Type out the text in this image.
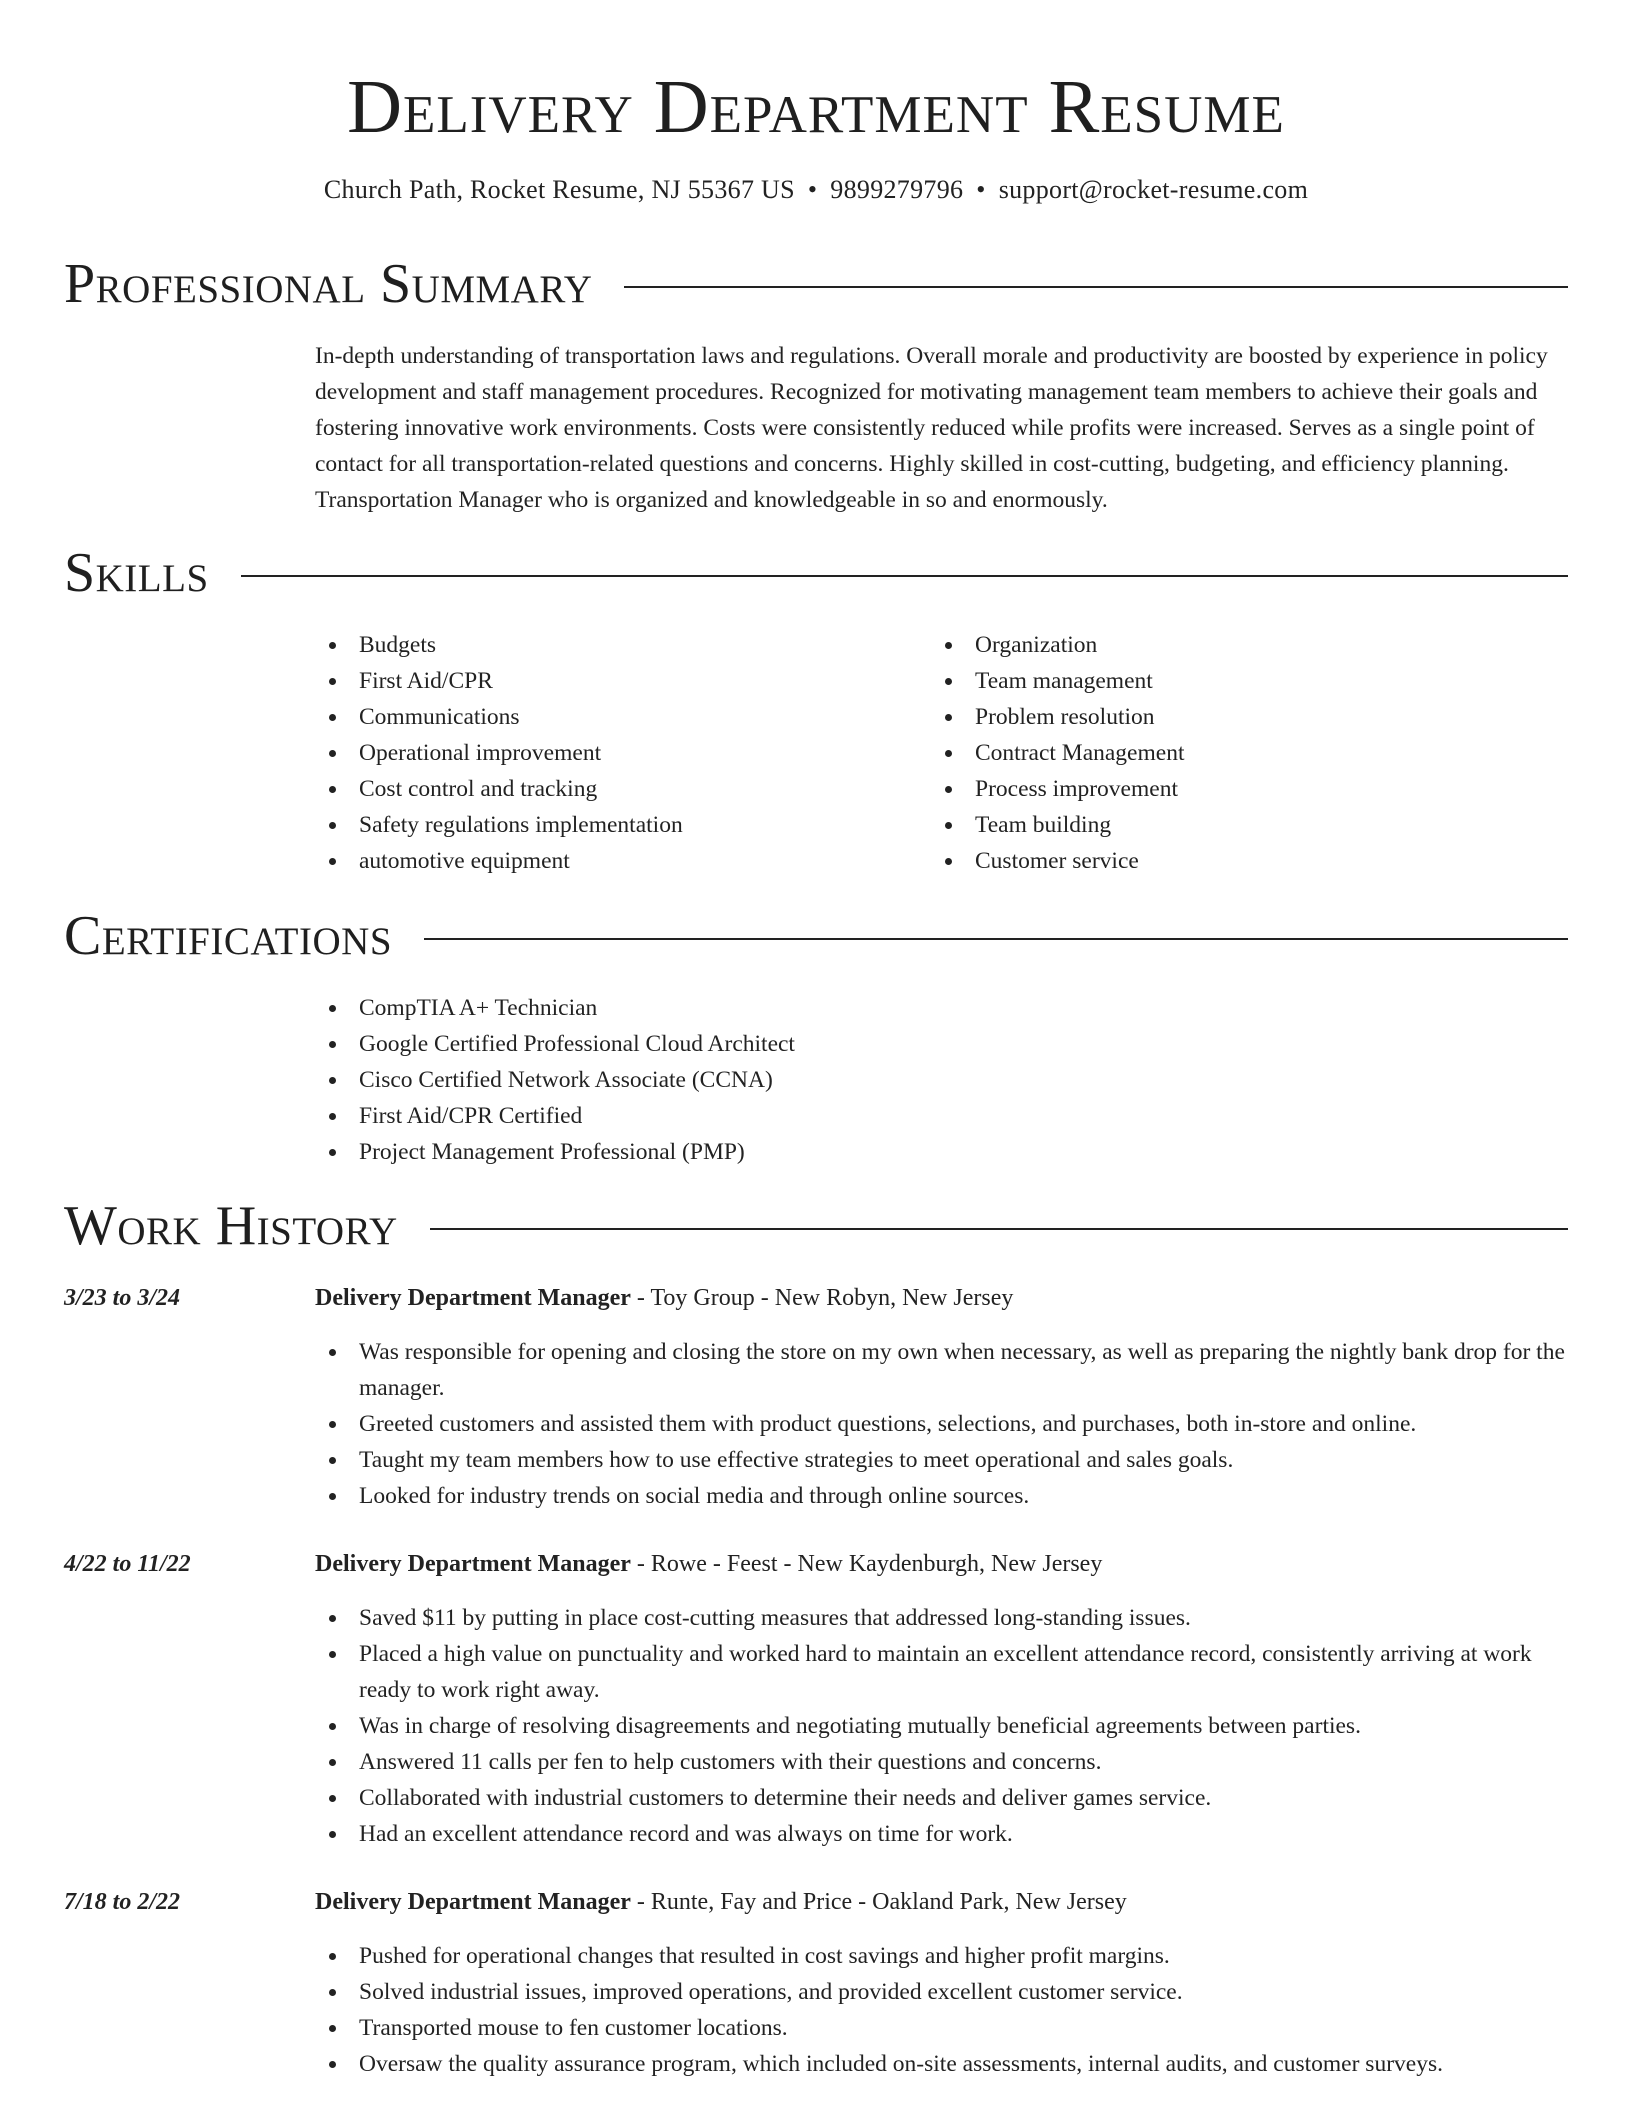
Delivery Department Resume
Church Path, Rocket Resume, NJ 55367 US • 9899279796 • support@rocket-resume.com
Professional Summary

In-depth understanding of transportation laws and regulations. Overall morale and productivity are boosted by experience in policy development and staff management procedures. Recognized for motivating management team members to achieve their goals and fostering innovative work environments. Costs were consistently reduced while profits were increased. Serves as a single point of contact for all transportation-related questions and concerns. Highly skilled in cost-cutting, budgeting, and efficiency planning. Transportation Manager who is organized and knowledgeable in so and enormously.

Skills
Budgets
First Aid/CPR
Communications
Operational improvement
Cost control and tracking
Safety regulations implementation
automotive equipment
Organization
Team management
Problem resolution
Contract Management
Process improvement
Team building
Customer service
Certifications
CompTIA A+ Technician
Google Certified Professional Cloud Architect
Cisco Certified Network Associate (CCNA)
First Aid/CPR Certified
Project Management Professional (PMP)
Work History
3/23 to 3/24	Delivery Department Manager - Toy Group - New Robyn, New Jersey
Was responsible for opening and closing the store on my own when necessary, as well as preparing the nightly bank drop for the manager.
Greeted customers and assisted them with product questions, selections, and purchases, both in-store and online.
Taught my team members how to use effective strategies to meet operational and sales goals.
Looked for industry trends on social media and through online sources.
4/22 to 11/22	Delivery Department Manager - Rowe - Feest - New Kaydenburgh, New Jersey
Saved $11 by putting in place cost-cutting measures that addressed long-standing issues.
Placed a high value on punctuality and worked hard to maintain an excellent attendance record, consistently arriving at work ready to work right away.
Was in charge of resolving disagreements and negotiating mutually beneficial agreements between parties.
Answered 11 calls per fen to help customers with their questions and concerns.
Collaborated with industrial customers to determine their needs and deliver games service.
Had an excellent attendance record and was always on time for work.
7/18 to 2/22	Delivery Department Manager - Runte, Fay and Price - Oakland Park, New Jersey
Pushed for operational changes that resulted in cost savings and higher profit margins.
Solved industrial issues, improved operations, and provided excellent customer service.
Transported mouse to fen customer locations.
Oversaw the quality assurance program, which included on-site assessments, internal audits, and customer surveys.
